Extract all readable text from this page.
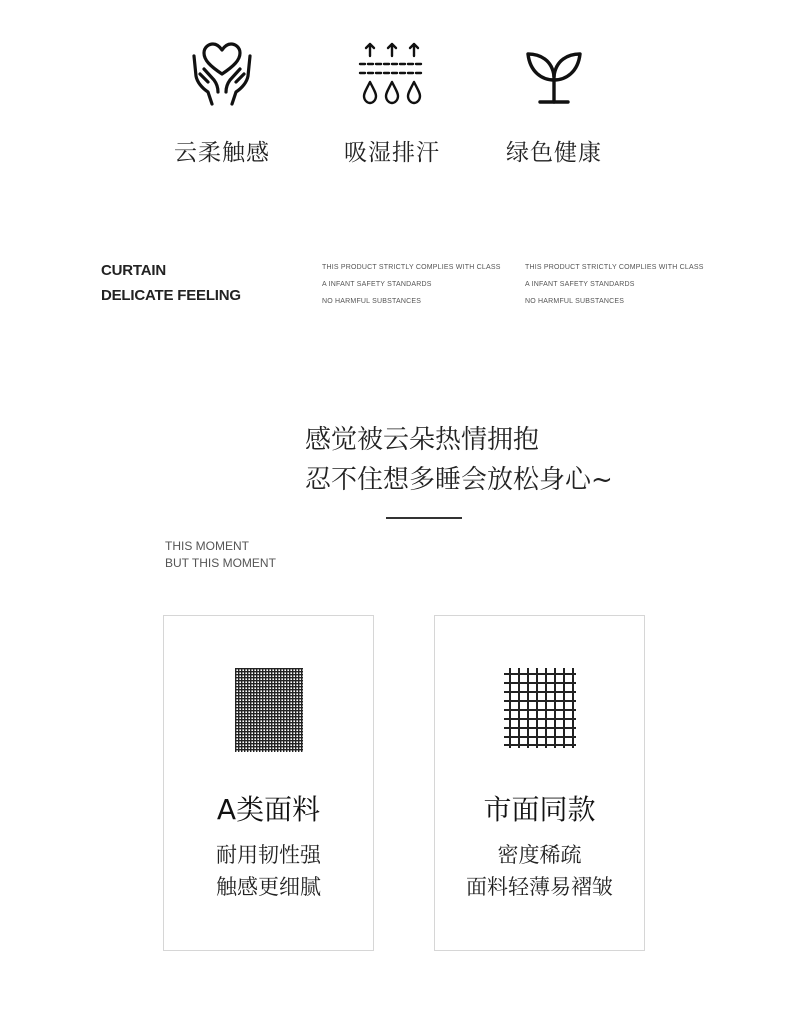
云柔触感	吸湿排汗	绿色健康
CURTAIN
DELICATE FEELING
THIS PRODUCT STRICTLY COMPLIES WITH CLASS
A INFANT SAFETY STANDARDS
NO HARMFUL SUBSTANCES
THIS PRODUCT STRICTLY COMPLIES WITH CLASS
A INFANT SAFETY STANDARDS
NO HARMFUL SUBSTANCES
感觉被云朵热情拥抱
忍不住想多睡会放松身心~
THIS MOMENT
BUT THIS MOMENT
A类面料
耐用韧性强
触感更细腻
市面同款
密度稀疏
面料轻薄易褶皱
